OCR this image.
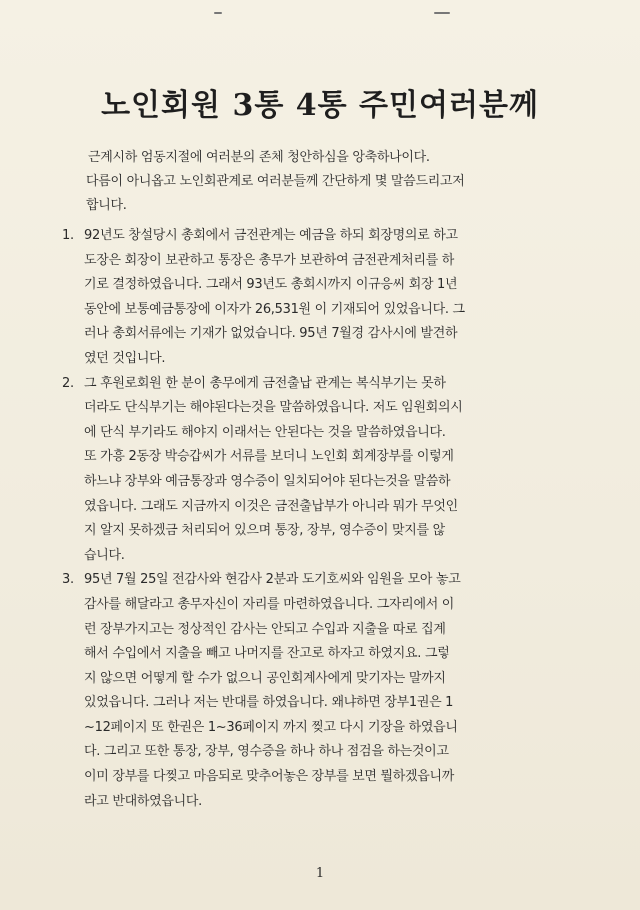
노인회원 3통 4통 주민여러분께
근계시하 엄동지절에 여러분의 존체 청안하심을 앙축하나이다.
다름이 아니옵고 노인회관계로 여러분들께 간단하게 몇 말씀드리고저
합니다.
1. 92년도 창설당시 총회에서 금전관계는 예금을 하되 회장명의로 하고
도장은 회장이 보관하고 통장은 총무가 보관하여 금전관계처리를 하
기로 결정하였읍니다. 그래서 93년도 총회시까지 이규응씨 회장 1년
동안에 보통예금통장에 이자가 26,531원 이 기재되어 있었읍니다. 그
러나 총회서류에는 기재가 없었습니다. 95년 7월경 감사시에 발견하
였던 것입니다.
2. 그 후원로회원 한 분이 총무에게 금전출납 관계는 복식부기는 못하
더라도 단식부기는 해야된다는것을 말씀하였읍니다. 저도 임원회의시
에 단식 부기라도 해야지 이래서는 안된다는 것을 말씀하였읍니다.
또 가흥 2동장 박승갑씨가 서류를 보더니 노인회 회계장부를 이렇게
하느냐 장부와 예금통장과 영수증이 일치되어야 된다는것을 말씀하
였읍니다. 그래도 지금까지 이것은 금전출납부가 아니라 뭐가 무엇인
지 알지 못하겠금 처리되어 있으며 통장, 장부, 영수증이 맞지를 않
습니다.
3. 95년 7월 25일 전감사와 현감사 2분과 도기호씨와 임원을 모아 놓고
감사를 해달라고 총무자신이 자리를 마련하였읍니다. 그자리에서 이
런 장부가지고는 정상적인 감사는 안되고 수입과 지출을 따로 집계
해서 수입에서 지출을 빼고 나머지를 잔고로 하자고 하였지요. 그렇
지 않으면 어떻게 할 수가 없으니 공인회계사에게 맞기자는 말까지
있었읍니다. 그러나 저는 반대를 하였읍니다. 왜냐하면 장부1권은 1
~12페이지 또 한권은 1~36페이지 까지 찢고 다시 기장을 하였읍니
다. 그리고 또한 통장, 장부, 영수증을 하나 하나 점검을 하는것이고
이미 장부를 다찢고 마음되로 맞추어놓은 장부를 보면 뭘하겠읍니까
라고 반대하였읍니다.
1
